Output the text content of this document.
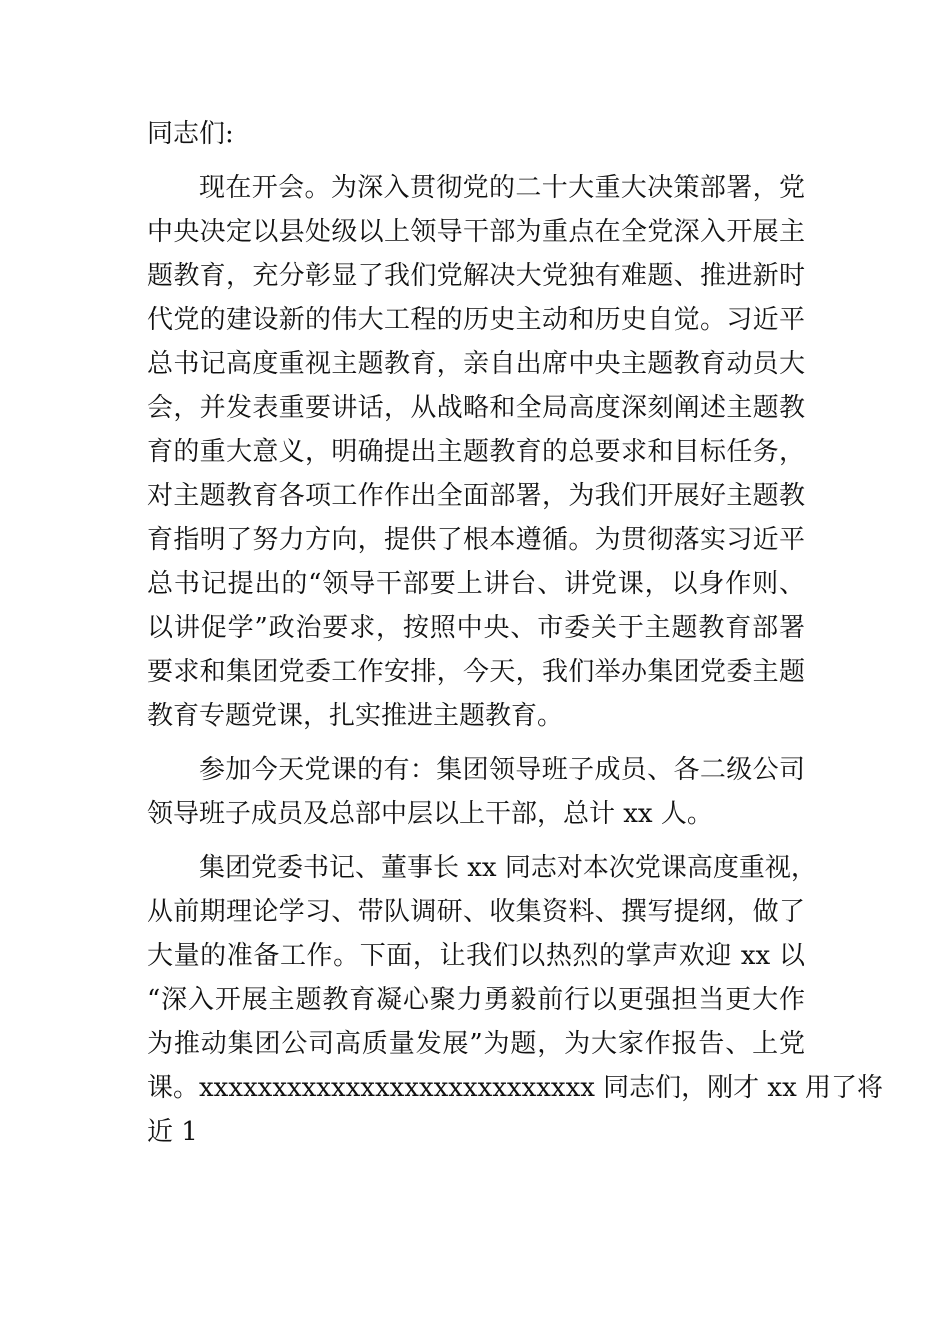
同志们:
现在开会。为深入贯彻党的二十大重大决策部署，党
中央决定以县处级以上领导干部为重点在全党深入开展主
题教育，充分彰显了我们党解决大党独有难题、推进新时
代党的建设新的伟大工程的历史主动和历史自觉。习近平
总书记高度重视主题教育，亲自出席中央主题教育动员大
会，并发表重要讲话，从战略和全局高度深刻阐述主题教
育的重大意义，明确提出主题教育的总要求和目标任务，
对主题教育各项工作作出全面部署，为我们开展好主题教
育指明了努力方向，提供了根本遵循。为贯彻落实习近平
总书记提出的“领导干部要上讲台、讲党课，以身作则、
以讲促学”政治要求，按照中央、市委关于主题教育部署
要求和集团党委工作安排，今天，我们举办集团党委主题
教育专题党课，扎实推进主题教育。
参加今天党课的有：集团领导班子成员、各二级公司
领导班子成员及总部中层以上干部，总计 xx 人。
集团党委书记、董事长 xx 同志对本次党课高度重视，
从前期理论学习、带队调研、收集资料、撰写提纲，做了
大量的准备工作。下面，让我们以热烈的掌声欢迎 xx 以
“深入开展主题教育凝心聚力勇毅前行以更强担当更大作
为推动集团公司高质量发展”为题，为大家作报告、上党
课。xxxxxxxxxxxxxxxxxxxxxxxxxxx 同志们，刚才 xx 用了将
近 1
